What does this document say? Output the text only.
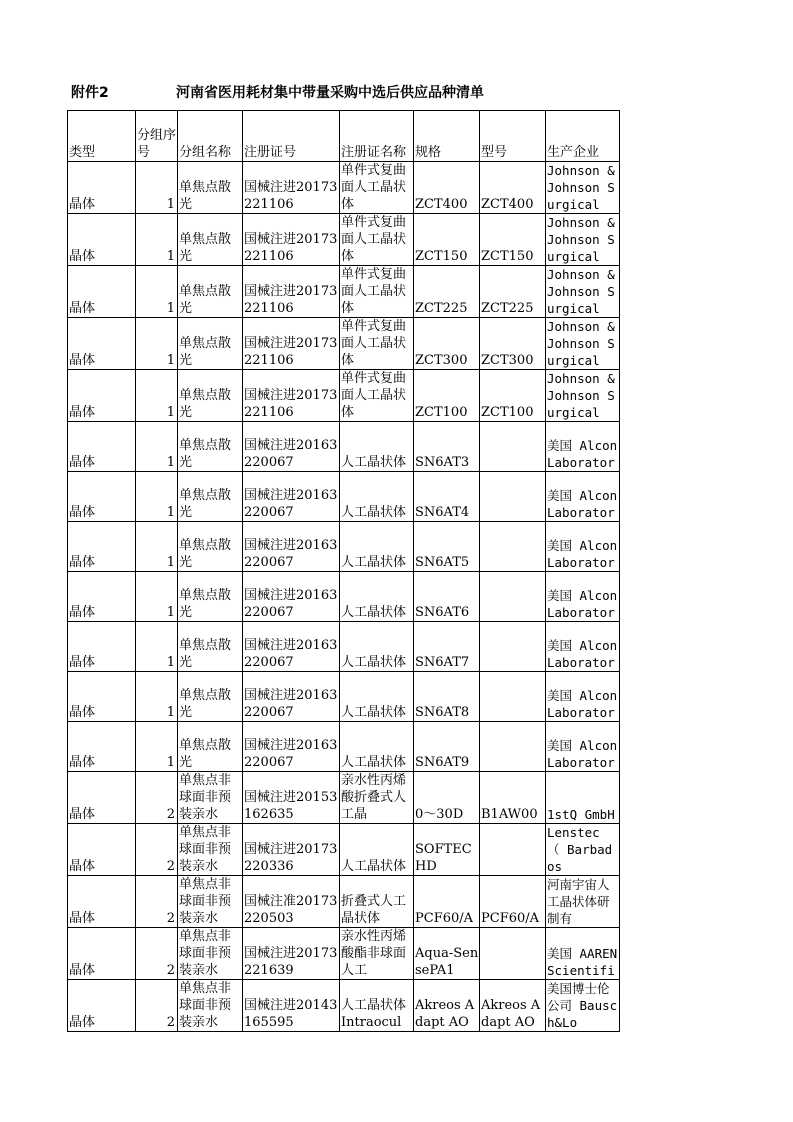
附件2	河南省医用耗材集中带量采购中选后供应品种清单
类型	分组序号	分组名称	注册证号	注册证名称	规格	型号	生产企业

晶体	1	单焦点散光	国械注进20173221106	单件式复曲面人工晶状体	ZCT400	ZCT400	Johnson & Johnson Surgical

晶体	1	单焦点散光	国械注进20173221106	单件式复曲面人工晶状体	ZCT150	ZCT150	Johnson & Johnson Surgical

晶体	1	单焦点散光	国械注进20173221106	单件式复曲面人工晶状体	ZCT225	ZCT225	Johnson & Johnson Surgical

晶体	1	单焦点散光	国械注进20173221106	单件式复曲面人工晶状体	ZCT300	ZCT300	Johnson & Johnson Surgical

晶体	1	单焦点散光	国械注进20173221106	单件式复曲面人工晶状体	ZCT100	ZCT100	Johnson & Johnson Surgical

晶体	1	单焦点散光	国械注进20163220067	人工晶状体	SN6AT3		美国 Alcon Laborator

晶体	1	单焦点散光	国械注进20163220067	人工晶状体	SN6AT4		美国 Alcon Laborator

晶体	1	单焦点散光	国械注进20163220067	人工晶状体	SN6AT5		美国 Alcon Laborator

晶体	1	单焦点散光	国械注进20163220067	人工晶状体	SN6AT6		美国 Alcon Laborator

晶体	1	单焦点散光	国械注进20163220067	人工晶状体	SN6AT7		美国 Alcon Laborator

晶体	1	单焦点散光	国械注进20163220067	人工晶状体	SN6AT8		美国 Alcon Laborator

晶体	1	单焦点散光	国械注进20163220067	人工晶状体	SN6AT9		美国 Alcon Laborator

晶体	2	单焦点非球面非预装亲水	国械注进20153162635	亲水性丙烯酸折叠式人工晶	0～30D	B1AW00	1stQ GmbH

晶体	2	单焦点非球面非预装亲水	国械注进20173220336	人工晶状体	SOFTECHD		Lenstec （ Barbados

晶体	2	单焦点非球面非预装亲水	国械注准20173220503	折叠式人工晶状体	PCF60/A	PCF60/A	河南宇宙人工晶状体研制有

晶体	2	单焦点非球面非预装亲水	国械注进20173221639	亲水性丙烯酸酯非球面人工	Aqua-SensePA1		美国 AAREN Scientifi

晶体	2	单焦点非球面非预装亲水	国械注进20143165595	人工晶状体 Intraocul	Akreos Adapt AO	Akreos Adapt AO	美国博士伦公司 Bausch&Lo
